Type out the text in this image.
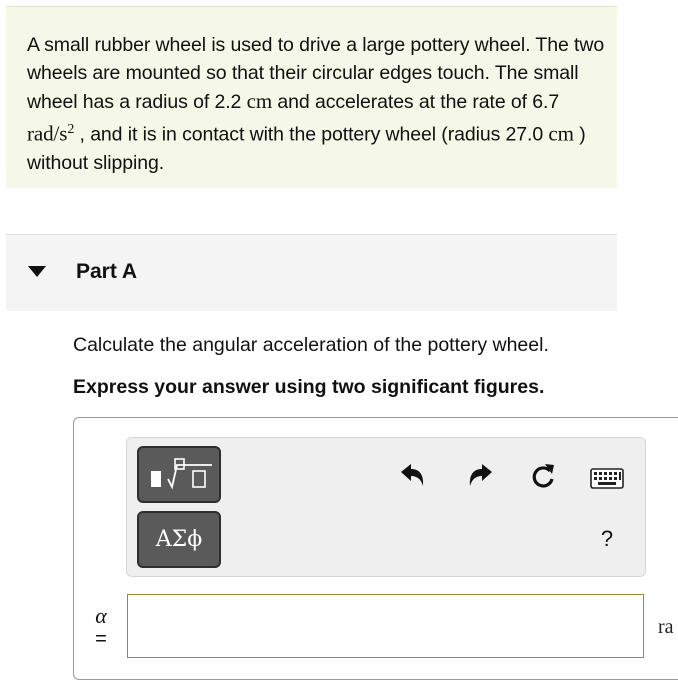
A small rubber wheel is used to drive a large pottery wheel. The two wheels are mounted so that their circular edges touch. The small wheel has a radius of 2.2 cm and accelerates at the rate of 6.7 rad/$s^2$ , and it is in contact with the pottery wheel (radius 27.0 cm ) without slipping.
Part A
Calculate the angular acceleration of the pottery wheel.
Express your answer using two significant figures.
ΑΣϕ	?
α
=
ra
